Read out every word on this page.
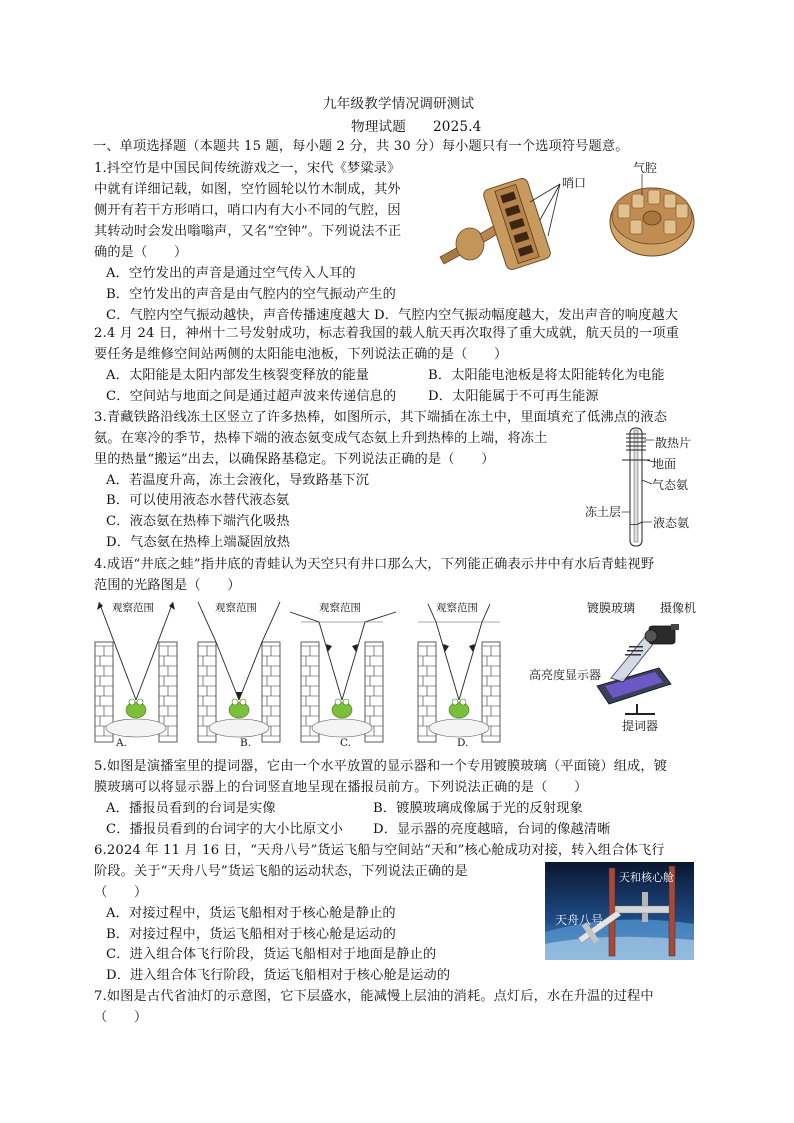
九年级教学情况调研测试
物理试题 2025.4
一、单项选择题（本题共 15 题，每小题 2 分，共 30 分）每小题只有一个选项符号题意。
1.抖空竹是中国民间传统游戏之一，宋代《梦粱录》
中就有详细记载，如图，空竹圆轮以竹木制成，其外
侧开有若干方形哨口，哨口内有大小不同的气腔，因
其转动时会发出嗡嗡声，又名“空钟”。下列说法不正
确的是（　　）
A．空竹发出的声音是通过空气传入人耳的
B．空竹发出的声音是由气腔内的空气振动产生的
C．气腔内空气振动越快，声音传播速度越大 D．气腔内空气振动幅度越大，发出声音的响度越大
哨口
气腔
2.4 月 24 日，神州十二号发射成功，标志着我国的载人航天再次取得了重大成就，航天员的一项重
要任务是维修空间站两侧的太阳能电池板，下列说法正确的是（　　）
A．太阳能是太阳内部发生核裂变释放的能量	B．太阳能电池板是将太阳能转化为电能
C．空间站与地面之间是通过超声波来传递信息的 D．太阳能属于不可再生能源
3.青藏铁路沿线冻土区竖立了许多热棒，如图所示，其下端插在冻土中，里面填充了低沸点的液态
氨。在寒冷的季节，热棒下端的液态氨变成气态氨上升到热棒的上端，将冻土
里的热量“搬运”出去，以确保路基稳定。下列说法正确的是（　　）
A．若温度升高，冻土会液化，导致路基下沉
B．可以使用液态水替代液态氨
C．液态氨在热棒下端汽化吸热
D．气态氨在热棒上端凝固放热
散热片
地面
气态氨
冻土层
液态氨
4.成语“井底之蛙”指井底的青蛙认为天空只有井口那么大，下列能正确表示井中有水后青蛙视野
范围的光路图是（　　）
观察范围	观察范围	观察范围	观察范围
A.	B.	C.	D.
镀膜玻璃 摄像机
高亮度显示器
提词器
5.如图是演播室里的提词器，它由一个水平放置的显示器和一个专用镀膜玻璃（平面镜）组成，镀
膜玻璃可以将显示器上的台词竖直地呈现在播报员前方。下列说法正确的是（　　）
A．播报员看到的台词是实像	B．镀膜玻璃成像属于光的反射现象
C．播报员看到的台词字的大小比原文小 D．显示器的亮度越暗，台词的像越清晰
6.2024 年 11 月 16 日，“天舟八号”货运飞船与空间站“天和”核心舱成功对接，转入组合体飞行
阶段。关于“天舟八号”货运飞船的运动状态，下列说法正确的是
（　　）
A．对接过程中，货运飞船相对于核心舱是静止的
B．对接过程中，货运飞船相对于核心舱是运动的
C．进入组合体飞行阶段，货运飞船相对于地面是静止的
D．进入组合体飞行阶段，货运飞船相对于核心舱是运动的
天和核心舱
天舟八号
7.如图是古代省油灯的示意图，它下层盛水，能减慢上层油的消耗。点灯后，水在升温的过程中
（　　）
